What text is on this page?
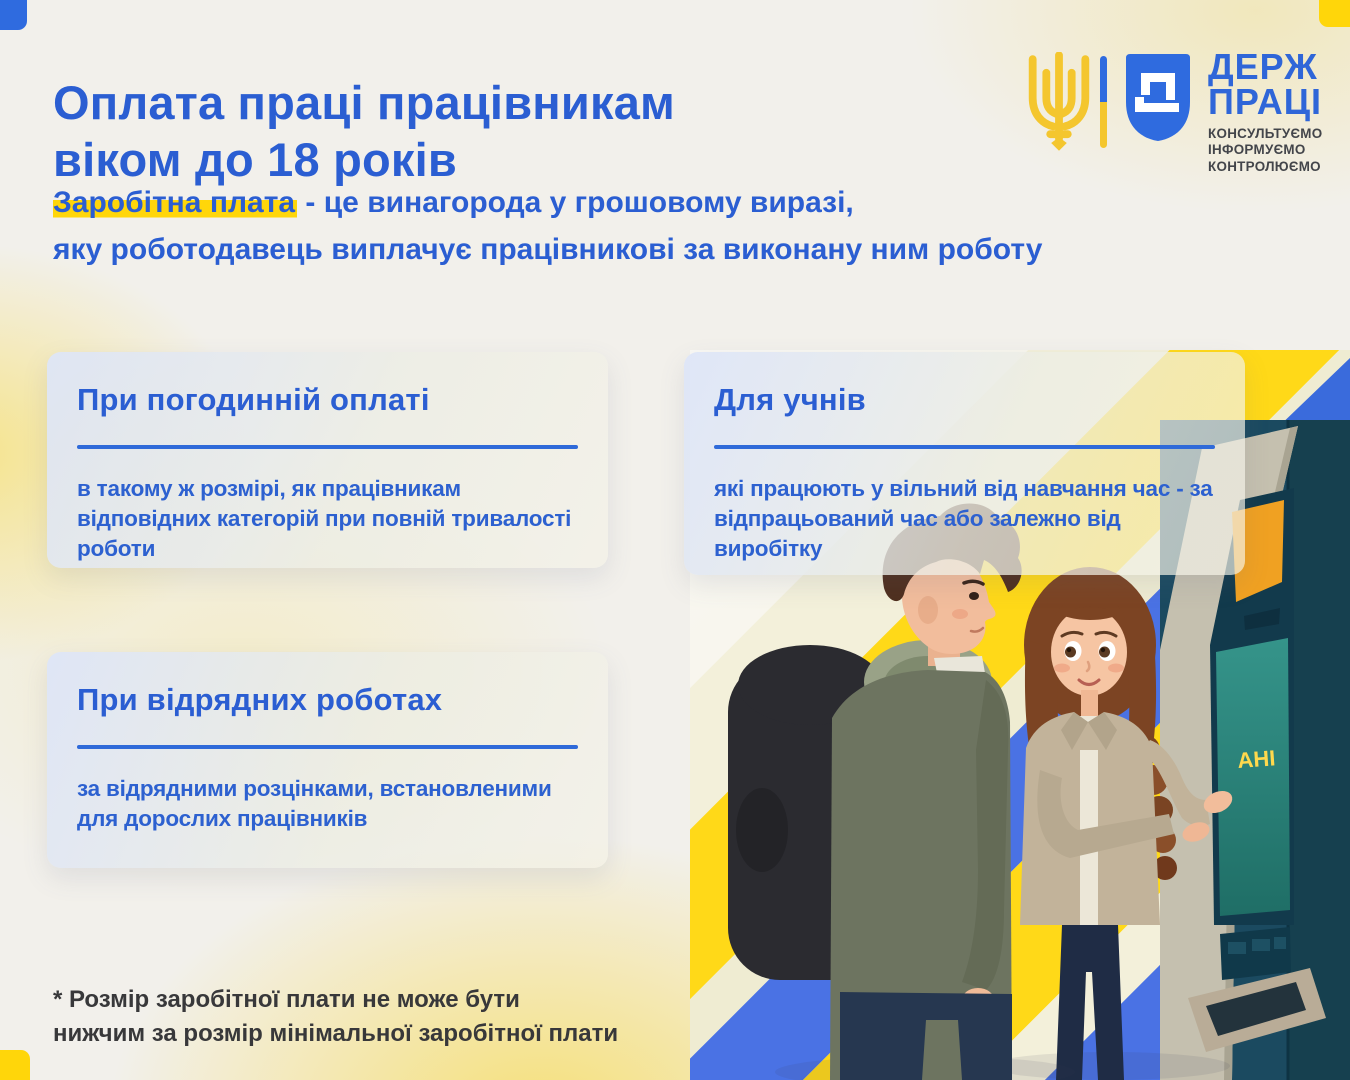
Оплата праці працівникам
віком до 18 років
ДЕРЖ
ПРАЦІ
КОНСУЛЬТУЄМО
ІНФОРМУЄМО
КОНТРОЛЮЄМО
Заробітна плата - це винагорода у грошовому виразі,
яку роботодавець виплачує працівникові за виконану ним роботу
АНІ
При погодинній оплаті
в такому ж розмірі, як працівникам відповідних категорій при повній тривалості роботи
Для учнів
які працюють у вільний від навчання час - за відпрацьований час або залежно від виробітку
При відрядних роботах
за відрядними розцінками, встановленими для дорослих працівників
* Розмір заробітної плати не може бути
нижчим за розмір мінімальної заробітної плати
